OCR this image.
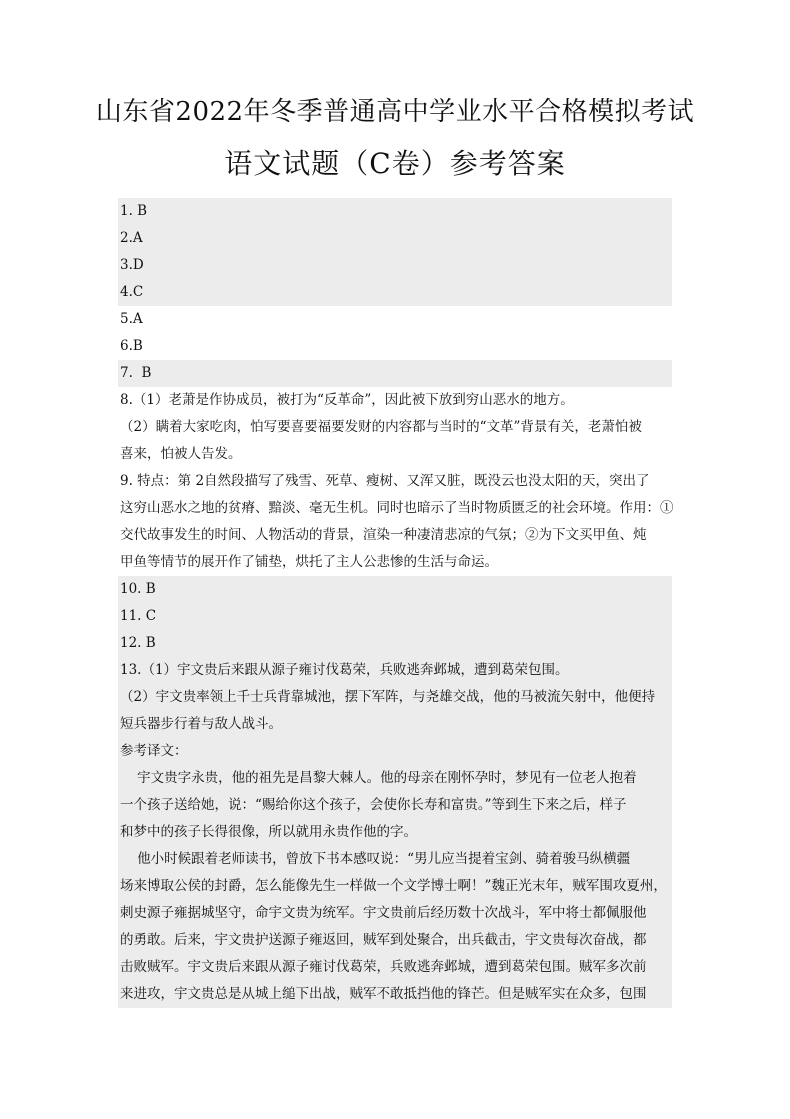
山东省2022年冬季普通高中学业水平合格模拟考试
语文试题（C卷）参考答案
1. B
2.A
3.D
4.C
5.A
6.B
7.  B
8.（1）老萧是作协成员，被打为“反革命”，因此被下放到穷山恶水的地方。
（2）瞒着大家吃肉，怕写要喜要福要发财的内容都与当时的“文革”背景有关，老萧怕被
喜来，怕被人告发。
9. 特点：第 2自然段描写了残雪、死草、瘦树、又浑又脏，既没云也没太阳的天，突出了
这穷山恶水之地的贫瘠、黯淡、毫无生机。同时也暗示了当时物质匮乏的社会环境。作用：①
交代故事发生的时间、人物活动的背景，渲染一种凄清悲凉的气氛；②为下文买甲鱼、炖
甲鱼等情节的展开作了铺垫，烘托了主人公悲惨的生活与命运。
10. B
11. C
12. B
13.（1）宇文贵后来跟从源子雍讨伐葛荣，兵败逃奔邺城，遭到葛荣包围。
（2）宇文贵率领上千士兵背靠城池，摆下军阵，与尧雄交战，他的马被流矢射中，他便持
短兵器步行着与敌人战斗。
参考译文：
宇文贵字永贵，他的祖先是昌黎大棘人。他的母亲在刚怀孕时，梦见有一位老人抱着
一个孩子送给她，说：“赐给你这个孩子，会使你长寿和富贵。”等到生下来之后，样子
和梦中的孩子长得很像，所以就用永贵作他的字。
他小时候跟着老师读书，曾放下书本感叹说：“男儿应当提着宝剑、骑着骏马纵横疆
场来博取公侯的封爵，怎么能像先生一样做一个文学博士啊！”魏正光末年，贼军围攻夏州，
刺史源子雍据城坚守，命宇文贵为统军。宇文贵前后经历数十次战斗，军中将士都佩服他
的勇敢。后来，宇文贵护送源子雍返回，贼军到处聚合，出兵截击，宇文贵每次奋战，都
击败贼军。宇文贵后来跟从源子雍讨伐葛荣，兵败逃奔邺城，遭到葛荣包围。贼军多次前
来进攻，宇文贵总是从城上缒下出战，贼军不敢抵挡他的锋芒。但是贼军实在众多，包围
